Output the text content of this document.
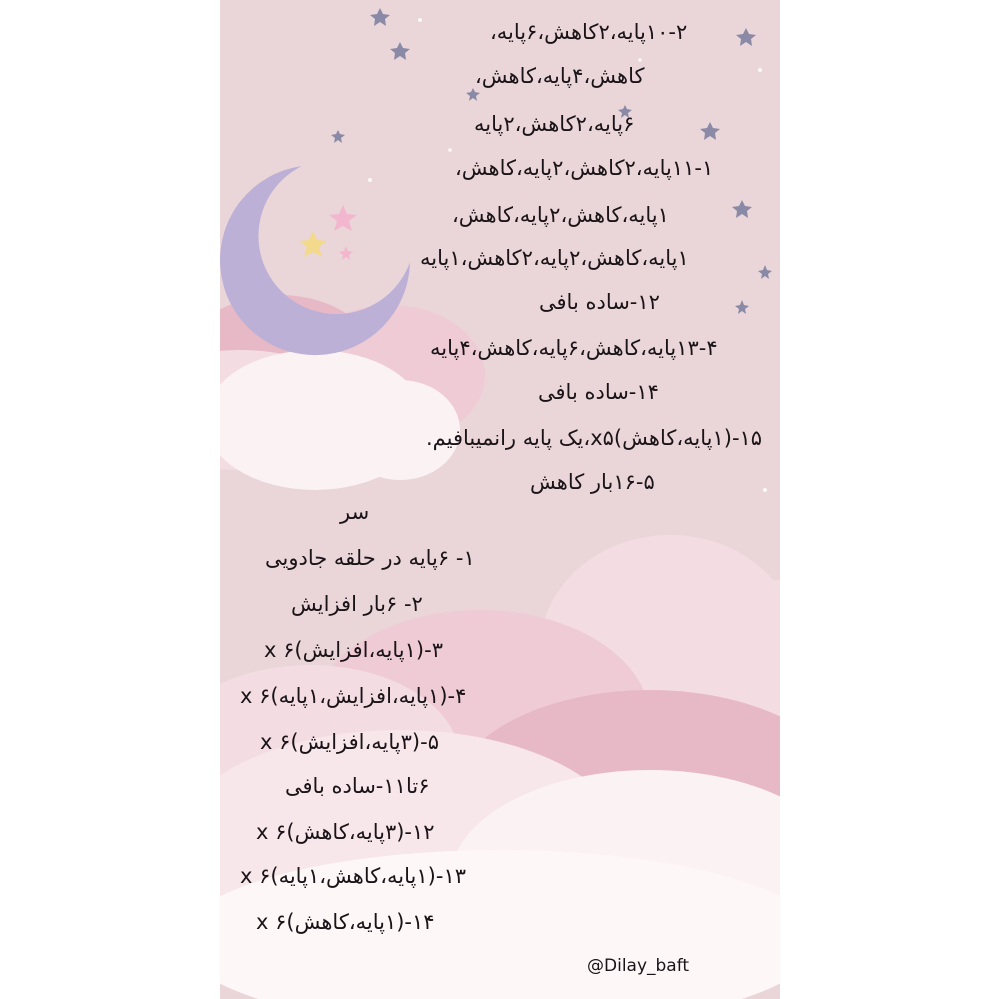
۱۰-۲پایه،۲کاهش،۶پایه،
کاهش،۴پایه،کاهش،
۶پایه،۲کاهش،۲پایه
۱۱-۱پایه،۲کاهش،۲پایه،کاهش،
۱پایه،کاهش،۲پایه،کاهش،
۱پایه،کاهش،۲پایه،۲کاهش،۱پایه
۱۲-ساده بافی
۱۳-۴پایه،کاهش،۶پایه،کاهش،۴پایه
۱۴-ساده بافی
۱۵-(۱پایه،کاهش)x۵،یک پایه رانمیبافیم.
۱۶-۵بار کاهش
سر
۱- ۶پایه در حلقه جادویی
۲- ۶بار افزایش
۳-(۱پایه،افزایش)x ۶
۴-(۱پایه،افزایش،۱پایه)x ۶
۵-(۳پایه،افزایش)x ۶
۶تا۱۱-ساده بافی
۱۲-(۳پایه،کاهش)x ۶
۱۳-(۱پایه،کاهش،۱پایه)x ۶
۱۴-(۱پایه،کاهش)x ۶
@Dilay_baft
